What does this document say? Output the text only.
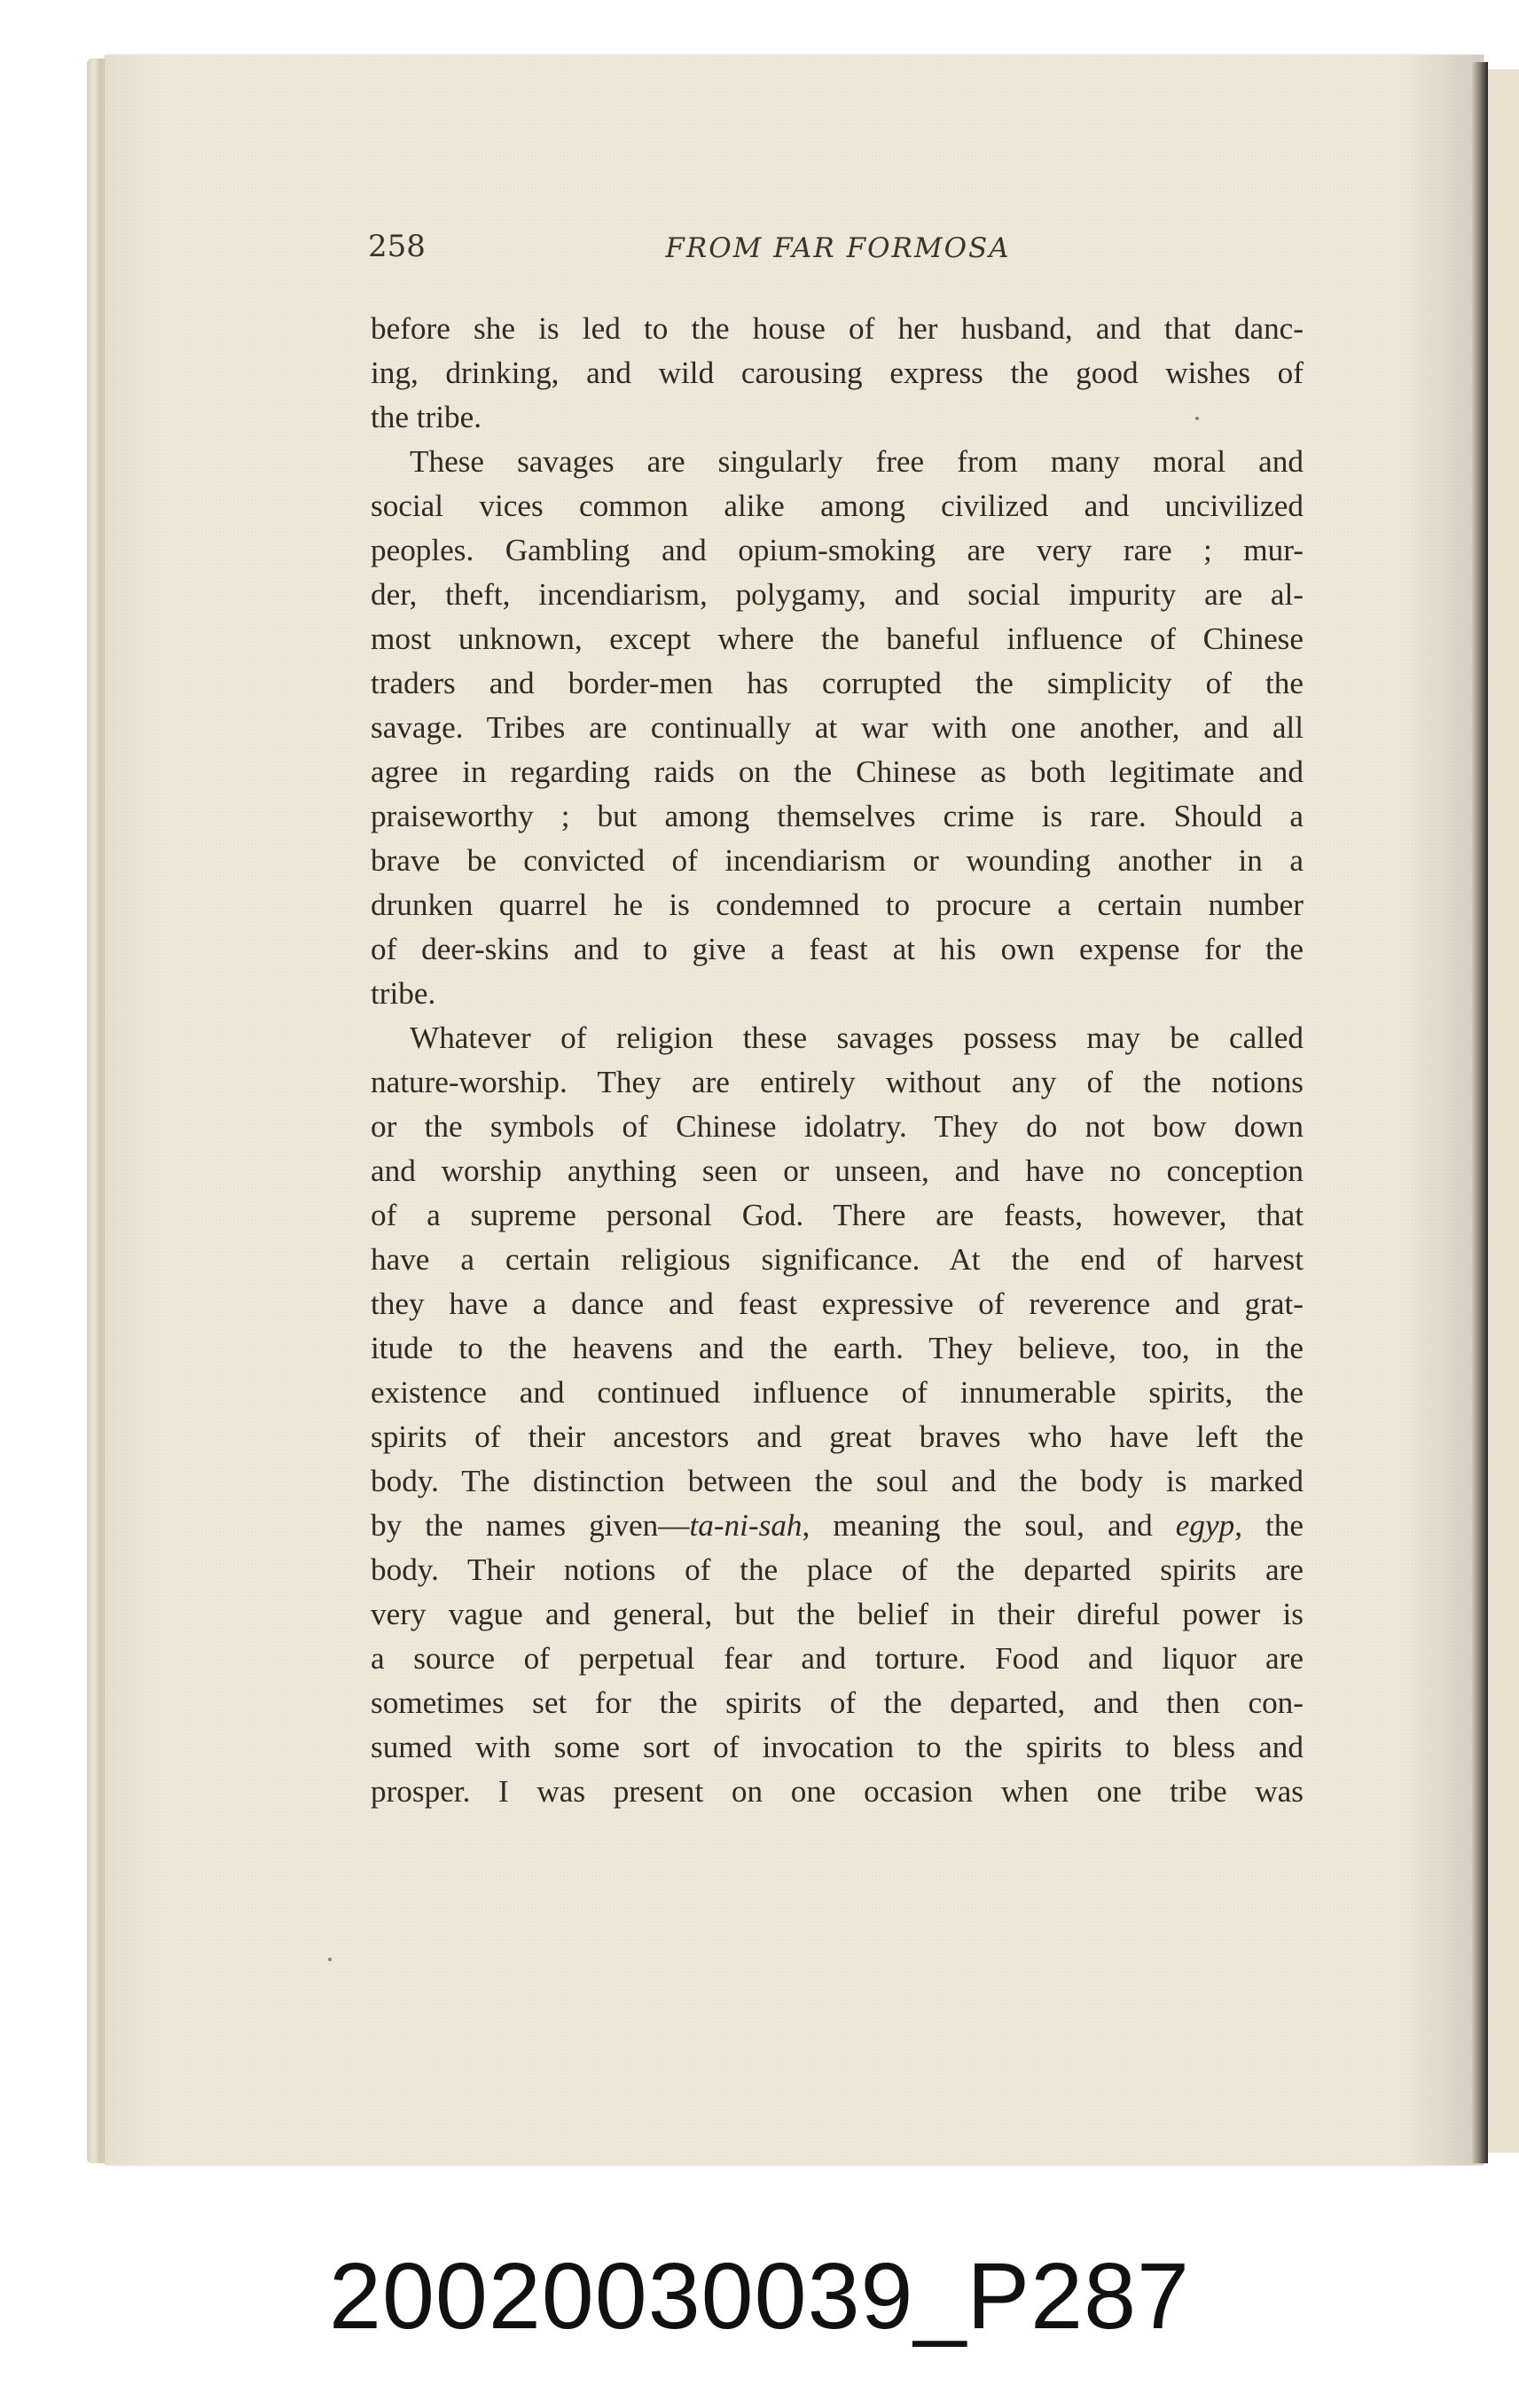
258	FROM FAR FORMOSA
before she is led to the house of her husband, and that danc-
ing, drinking, and wild carousing express the good wishes of
the tribe.
These savages are singularly free from many moral and
social vices common alike among civilized and uncivilized
peoples. Gambling and opium-smoking are very rare ; mur-
der, theft, incendiarism, polygamy, and social impurity are al-
most unknown, except where the baneful influence of Chinese
traders and border-men has corrupted the simplicity of the
savage. Tribes are continually at war with one another, and all
agree in regarding raids on the Chinese as both legitimate and
praiseworthy ; but among themselves crime is rare. Should a
brave be convicted of incendiarism or wounding another in a
drunken quarrel he is condemned to procure a certain number
of deer-skins and to give a feast at his own expense for the
tribe.
Whatever of religion these savages possess may be called
nature-worship. They are entirely without any of the notions
or the symbols of Chinese idolatry. They do not bow down
and worship anything seen or unseen, and have no conception
of a supreme personal God. There are feasts, however, that
have a certain religious significance. At the end of harvest
they have a dance and feast expressive of reverence and grat-
itude to the heavens and the earth. They believe, too, in the
existence and continued influence of innumerable spirits, the
spirits of their ancestors and great braves who have left the
body. The distinction between the soul and the body is marked
by the names given—ta-ni-sah, meaning the soul, and egyp, the
body. Their notions of the place of the departed spirits are
very vague and general, but the belief in their direful power is
a source of perpetual fear and torture. Food and liquor are
sometimes set for the spirits of the departed, and then con-
sumed with some sort of invocation to the spirits to bless and
prosper. I was present on one occasion when one tribe was
20020030039_P287
